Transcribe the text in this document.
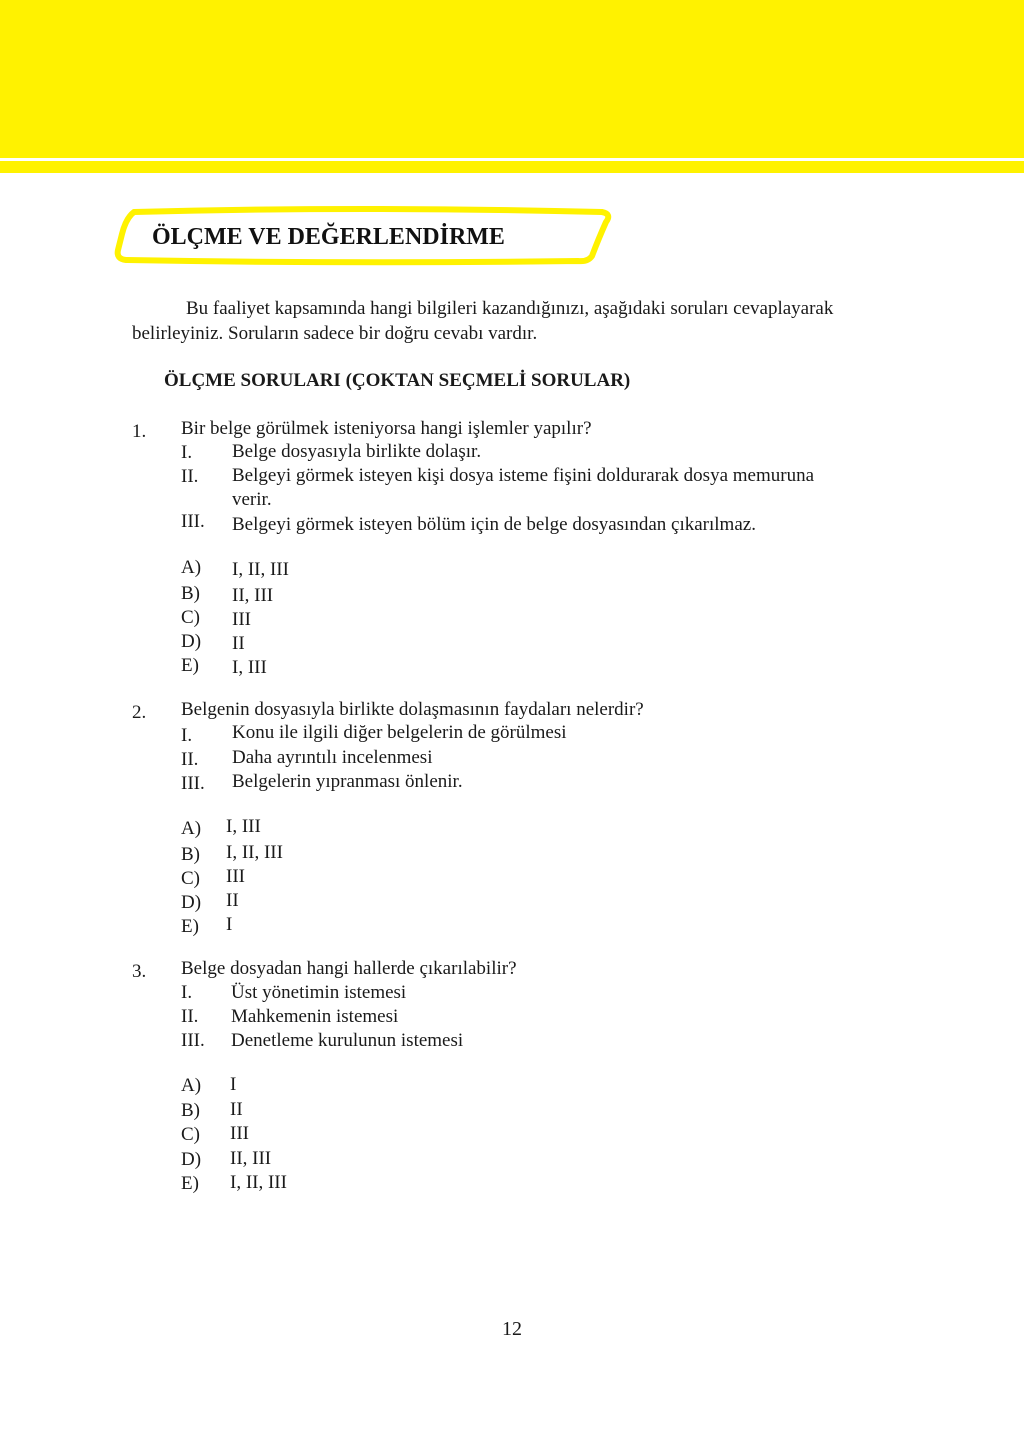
ÖLÇME VE DEĞERLENDİRME
Bu faaliyet kapsamında hangi bilgileri kazandığınızı, aşağıdaki soruları cevaplayarak
belirleyiniz. Soruların sadece bir doğru cevabı vardır.
ÖLÇME SORULARI (ÇOKTAN SEÇMELİ SORULAR)
1.	Bir belge görülmek isteniyorsa hangi işlemler yapılır?
I. Belge dosyasıyla birlikte dolaşır.
II. Belgeyi görmek isteyen kişi dosya isteme fişini doldurarak dosya memuruna
verir.
III. Belgeyi görmek isteyen bölüm için de belge dosyasından çıkarılmaz.
A) I, II, III
B) II, III
C) III
D) II
E) I, III
2.	Belgenin dosyasıyla birlikte dolaşmasının faydaları nelerdir?
I. Konu ile ilgili diğer belgelerin de görülmesi
II. Daha ayrıntılı incelenmesi
III. Belgelerin yıpranması önlenir.
A) I, III
B) I, II, III
C) III
D) II
E) I
3.	Belge dosyadan hangi hallerde çıkarılabilir?
I. Üst yönetimin istemesi
II. Mahkemenin istemesi
III. Denetleme kurulunun istemesi
A) I
B) II
C) III
D) II, III
E) I, II, III
12
